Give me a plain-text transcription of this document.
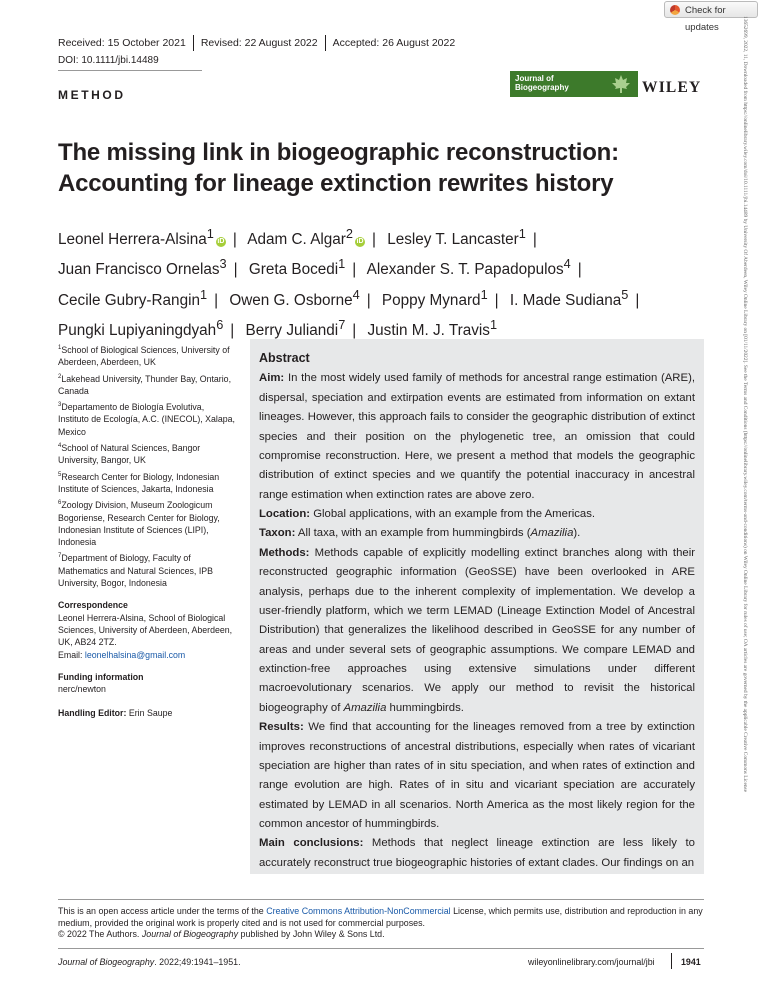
Check for updates	13652699, 2022, 11, Downloaded from https://onlinelibrary.wiley.com/doi/10.1111/jbi.14489 by University Of Aberdeen, Wiley Online Library on [01/11/2022]. See the Terms and Conditions (https://onlinelibrary.wiley.com/terms-and-conditions) on Wiley Online Library for rules of use; OA articles are governed by the applicable Creative Commons License
Received: 15 October 2021 Revised: 22 August 2022 Accepted: 26 August 2022
DOI: 10.1111/jbi.14489
METHOD
Journal of
Biogeography	WILEY
The missing link in biogeographic reconstruction: Accounting for lineage extinction rewrites history
Leonel Herrera-Alsina$^1$iD | Adam C. Algar$^2$iD | Lesley T. Lancaster$^1$ |
Juan Francisco Ornelas$^3$ | Greta Bocedi$^1$ | Alexander S. T. Papadopulos$^4$ |
Cecile Gubry-Rangin$^1$ | Owen G. Osborne$^4$ | Poppy Mynard$^1$ | I. Made Sudiana$^5$ |
Pungki Lupiyaningdyah$^6$ | Berry Juliandi$^7$ | Justin M. J. Travis$^1$
$^1$School of Biological Sciences, University of Aberdeen, Aberdeen, UK
$^2$Lakehead University, Thunder Bay, Ontario, Canada
$^3$Departamento de Biología Evolutiva, Instituto de Ecología, A.C. (INECOL), Xalapa, Mexico
$^4$School of Natural Sciences, Bangor University, Bangor, UK
$^5$Research Center for Biology, Indonesian Institute of Sciences, Jakarta, Indonesia
$^6$Zoology Division, Museum Zoologicum Bogoriense, Research Center for Biology, Indonesian Institute of Sciences (LIPI), Indonesia
$^7$Department of Biology, Faculty of Mathematics and Natural Sciences, IPB University, Bogor, Indonesia
Correspondence
Leonel Herrera-Alsina, School of Biological Sciences, University of Aberdeen, Aberdeen, UK, AB24 2TZ.
Email: leonelhalsina@gmail.com
Funding information
nerc/newton
Handling Editor: Erin Saupe
Abstract

Aim: In the most widely used family of methods for ancestral range estimation (ARE), dispersal, speciation and extirpation events are estimated from information on extant lineages. However, this approach fails to consider the geographic distribution of extinct species and their position on the phylogenetic tree, an omission that could compromise reconstruction. Here, we present a method that models the geographic distribution of extinct species and we quantify the potential inaccuracy in ancestral range estimation when extinction rates are above zero.

Location: Global applications, with an example from the Americas.

Taxon: All taxa, with an example from hummingbirds (Amazilia).

Methods: Methods capable of explicitly modelling extinct branches along with their reconstructed geographic information (GeoSSE) have been overlooked in ARE analysis, perhaps due to the inherent complexity of implementation. We develop a user-friendly platform, which we term LEMAD (Lineage Extinction Model of Ancestral Distribution) that generalizes the likelihood described in GeoSSE for any number of areas and under several sets of geographic assumptions. We compare LEMAD and extinction-free approaches using extensive simulations under different macroevolutionary scenarios. We apply our method to revisit the historical biogeography of Amazilia hummingbirds.

Results: We find that accounting for the lineages removed from a tree by extinction improves reconstructions of ancestral distributions, especially when rates of vicariant speciation are higher than rates of in situ speciation, and when rates of extinction and range evolution are high. Rates of in situ and vicariant speciation are accurately estimated by LEMAD in all scenarios. North America as the most likely region for the common ancestor of hummingbirds.

Main conclusions: Methods that neglect lineage extinction are less likely to accurately reconstruct true biogeographic histories of extant clades. Our findings on an

This is an open access article under the terms of the Creative Commons Attribution-NonCommercial License, which permits use, distribution and reproduction in any medium, provided the original work is properly cited and is not used for commercial purposes.
© 2022 The Authors. Journal of Biogeography published by John Wiley & Sons Ltd.
Journal of Biogeography. 2022;49:1941–1951.	wileyonlinelibrary.com/journal/jbi	1941
